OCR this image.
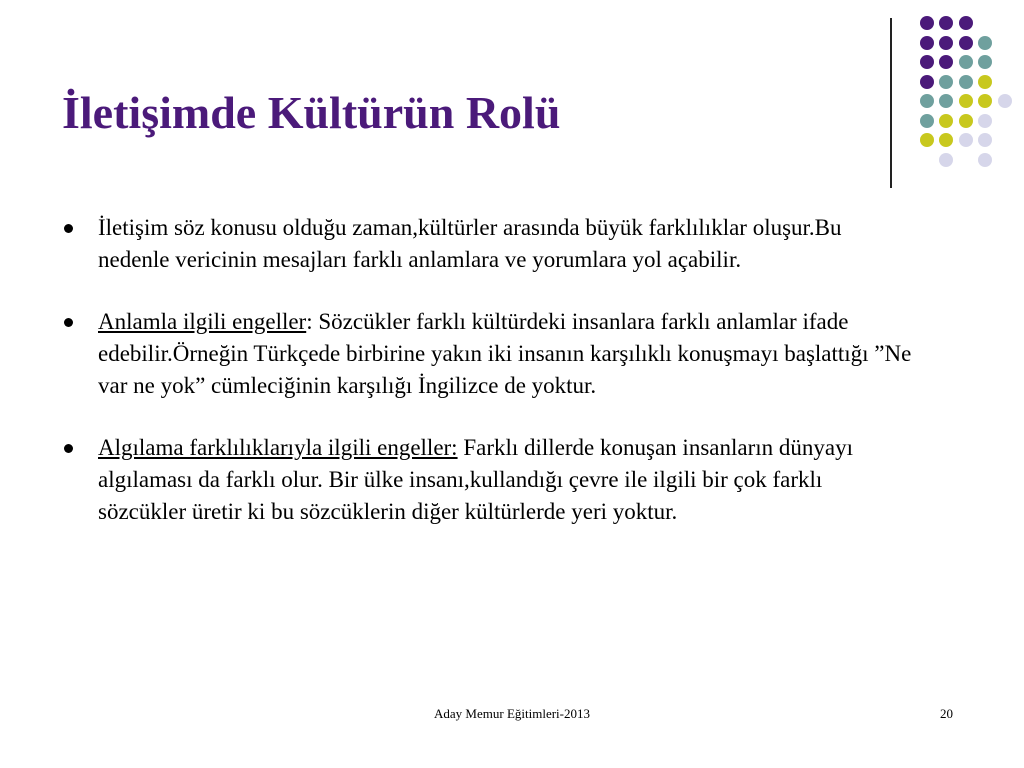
İletişimde Kültürün Rolü
İletişim söz konusu olduğu zaman,kültürler arasında büyük farklılıklar oluşur.Bu nedenle vericinin mesajları farklı anlamlara ve yorumlara yol açabilir.
Anlamla ilgili engeller: Sözcükler farklı kültürdeki insanlara farklı anlamlar ifade edebilir.Örneğin Türkçede birbirine yakın iki insanın karşılıklı konuşmayı başlattığı ”Ne var ne yok” cümleciğinin karşılığı İngilizce de yoktur.
Algılama farklılıklarıyla ilgili engeller: Farklı dillerde konuşan insanların dünyayı algılaması da farklı olur. Bir ülke insanı,kullandığı çevre ile ilgili bir çok farklı sözcükler üretir ki bu sözcüklerin diğer kültürlerde yeri yoktur.
Aday Memur Eğitimleri-2013	20
